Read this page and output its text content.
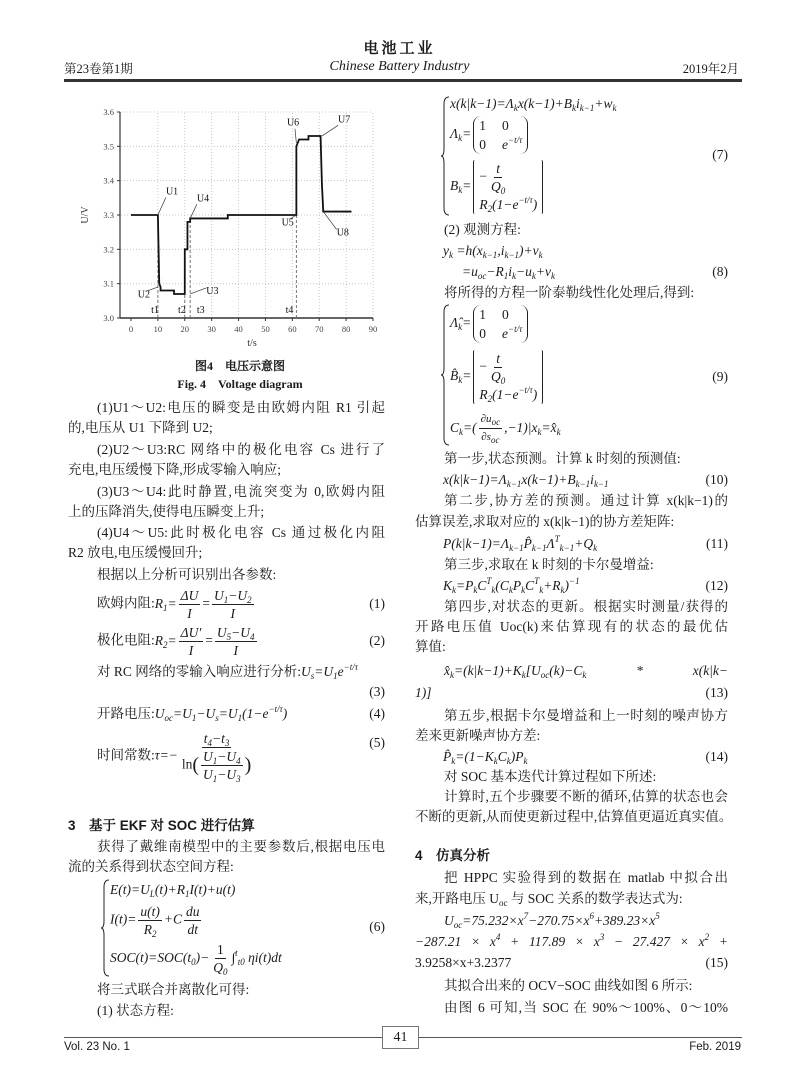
电池工业
第23卷第1期	Chinese Battery Industry	2019年2月
0 10 20 30 40 50 60 70 80 90
3.0
3.1
3.2
3.3
3.4
3.5
3.6
t/s
U/V
U1
U2	U3
U4
U5
U6	U7
U8
t1 t2 t3	t4
图4　电压示意图
Fig. 4　Voltage diagram
(1)U1～U2:电压的瞬变是由欧姆内阻 R1 引起
的,电压从 U1 下降到 U2;
(2)U2～U3:RC 网络中的极化电容 Cs 进行了
充电,电压缓慢下降,形成零输入响应;
(3)U3～U4:此时静置,电流突变为 0,欧姆内阻
上的压降消失,使得电压瞬变上升;
(4)U4～U5:此时极化电容 Cs 通过极化内阻
R2 放电,电压缓慢回升;
根据以上分析可识别出各参数:
欧姆内阻$:R_1= \frac{\Delta U}{I} = \frac{U_1-U_2}{I}$	(1)
极化电阻$:R_2= \frac{\Delta U'}{I} = \frac{U_5-U_4}{I}$	(2)
对 RC 网络的零输入响应进行分析$:U_s=U_1e^{-t/\tau}$
(3)
开路电压$:U_{oc}=U_1-U_s=U_1(1-e^{-t/\tau})$	(4)
时间常数:τ=− $\frac{t_4-t_3}{\ln( \frac{U_1-U_4}{U_1-U_3} )}$	(5)
3　基于 EKF 对 SOC 进行估算
获得了戴维南模型中的主要参数后,根据电压电
流的关系得到状态空间方程:
$E(t)=U_L(t)+R_1I(t)+u(t)$
$I(t)= \frac{u(t)}{R_2} +C \frac{du}{dt}$
$SOC(t)=SOC(t_0)- \frac{1}{Q_0} \int^t_{t0}$ ηi(t)dt
(6)
将三式联合并离散化可得:
(1) 状态方程:
$x(k|k-1)=\Lambda_kx(k-1)+B_ki_{k-1}+w_k$
$\Lambda_k=$
1 0
0 $e^{-t/\tau}$
$B_k=$
− $\frac{t}{Q_0}$
$R_2(1-e^{-t/\tau})$
(7)
(2) 观测方程:
$y_k =h(x_{k-1},i_{k-1})+v_k$
$=u_{oc}-R_1i_k-u_k+v_k$	(8)
将所得的方程一阶泰勒线性化处理后,得到:
$\Lambdâ_k=$
1 0
0 $e^{-t/\tau}$
$B̂_k=$
− $\frac{t}{Q_0}$
$R_2(1-e^{-t/\tau})$
$C_k=( \frac{\partial u_{oc}}{\partial s_{oc}}$ $,-1)|x_k=x̂_k$
(9)
第一步,状态预测。计算 k 时刻的预测值:
$x(k|k-1)=\Lambda_{k-1}x(k-1)+B_{k-1}i_{k-1}$	(10)
第二步,协方差的预测。通过计算 x(k|k−1)的
估算误差,求取对应的 x(k|k−1)的协方差矩阵:
$P(k|k-1)=\Lambda_{k-1}P̂_{k-1}\Lambda^T_{k-1}+Q_k$	(11)
第三步,求取在 k 时刻的卡尔曼增益:
$K_k=P_kC^T_k(C_kP_kC^T_k+R_k)^{-1}$	(12)
第四步,对状态的更新。根据实时测量/获得的
开路电压值 Uoc(k)来估算现有的状态的最优估
算值:
$x̂_k=(k|k-1)+K_k[U_{oc}(k)-C_k * x(k|k-$
1)]	(13)
第五步,根据卡尔曼增益和上一时刻的噪声协方
差来更新噪声协方差:
$P̂_k=(1-K_kC_k)P_k$	(14)
对 SOC 基本迭代计算过程如下所述:
计算时,五个步骤要不断的循环,估算的状态也会
不断的更新,从而使更新过程中,估算值更逼近真实值。
4　仿真分析
把 HPPC 实验得到的数据在 matlab 中拟合出
来,开路电压 $U_{oc}$ 与 SOC 关系的数学表达式为:
$U_{oc}=75.232\times x^7-270.75\times x^6+389.23\times x^5$
$-287.21 \times x^4 + 117.89 \times x^3 - 27.427 \times x^2$ +
3.9258×x+3.2377	(15)
其拟合出来的 OCV−SOC 曲线如图 6 所示:
由图 6 可知,当 SOC 在 90%～100%、0～10%
41
Vol. 23 No. 1	Feb. 2019
